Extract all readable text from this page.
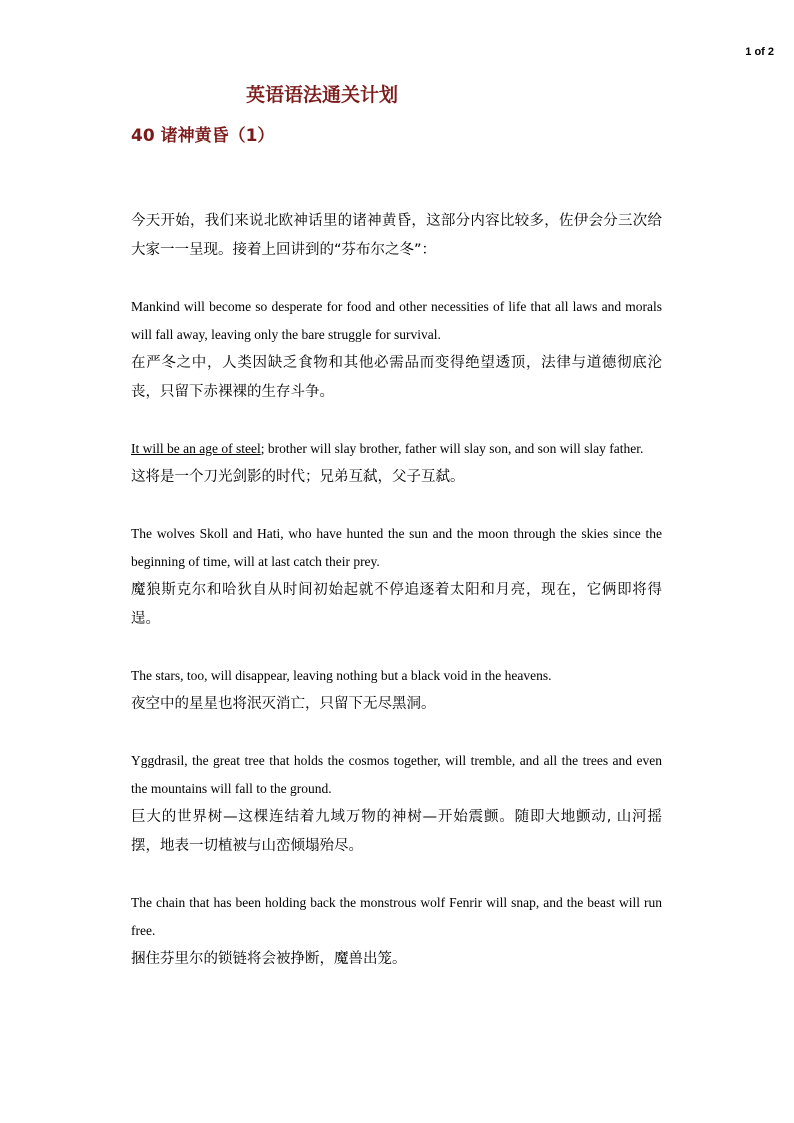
1 of 2
英语语法通关计划
40 诸神黄昏（1）

今天开始，我们来说北欧神话里的诸神黄昏，这部分内容比较多，佐伊会分三次给大家一一呈现。接着上回讲到的“芬布尔之冬”：

Mankind will become so desperate for food and other necessities of life that all laws and morals will fall away, leaving only the bare struggle for survival.

在严冬之中，人类因缺乏食物和其他必需品而变得绝望透顶，法律与道德彻底沦丧，只留下赤裸裸的生存斗争。

It will be an age of steel; brother will slay brother, father will slay son, and son will slay father.

这将是一个刀光剑影的时代；兄弟互弑，父子互弑。

The wolves Skoll and Hati, who have hunted the sun and the moon through the skies since the beginning of time, will at last catch their prey.

魔狼斯克尔和哈狄自从时间初始起就不停追逐着太阳和月亮，现在，它俩即将得逞。

The stars, too, will disappear, leaving nothing but a black void in the heavens.

夜空中的星星也将泯灭消亡，只留下无尽黑洞。

Yggdrasil, the great tree that holds the cosmos together, will tremble, and all the trees and even the mountains will fall to the ground.

巨大的世界树—这棵连结着九域万物的神树—开始震颤。随即大地颤动, 山河摇摆，地表一切植被与山峦倾塌殆尽。

The chain that has been holding back the monstrous wolf Fenrir will snap, and the beast will run free.

捆住芬里尔的锁链将会被挣断，魔兽出笼。
